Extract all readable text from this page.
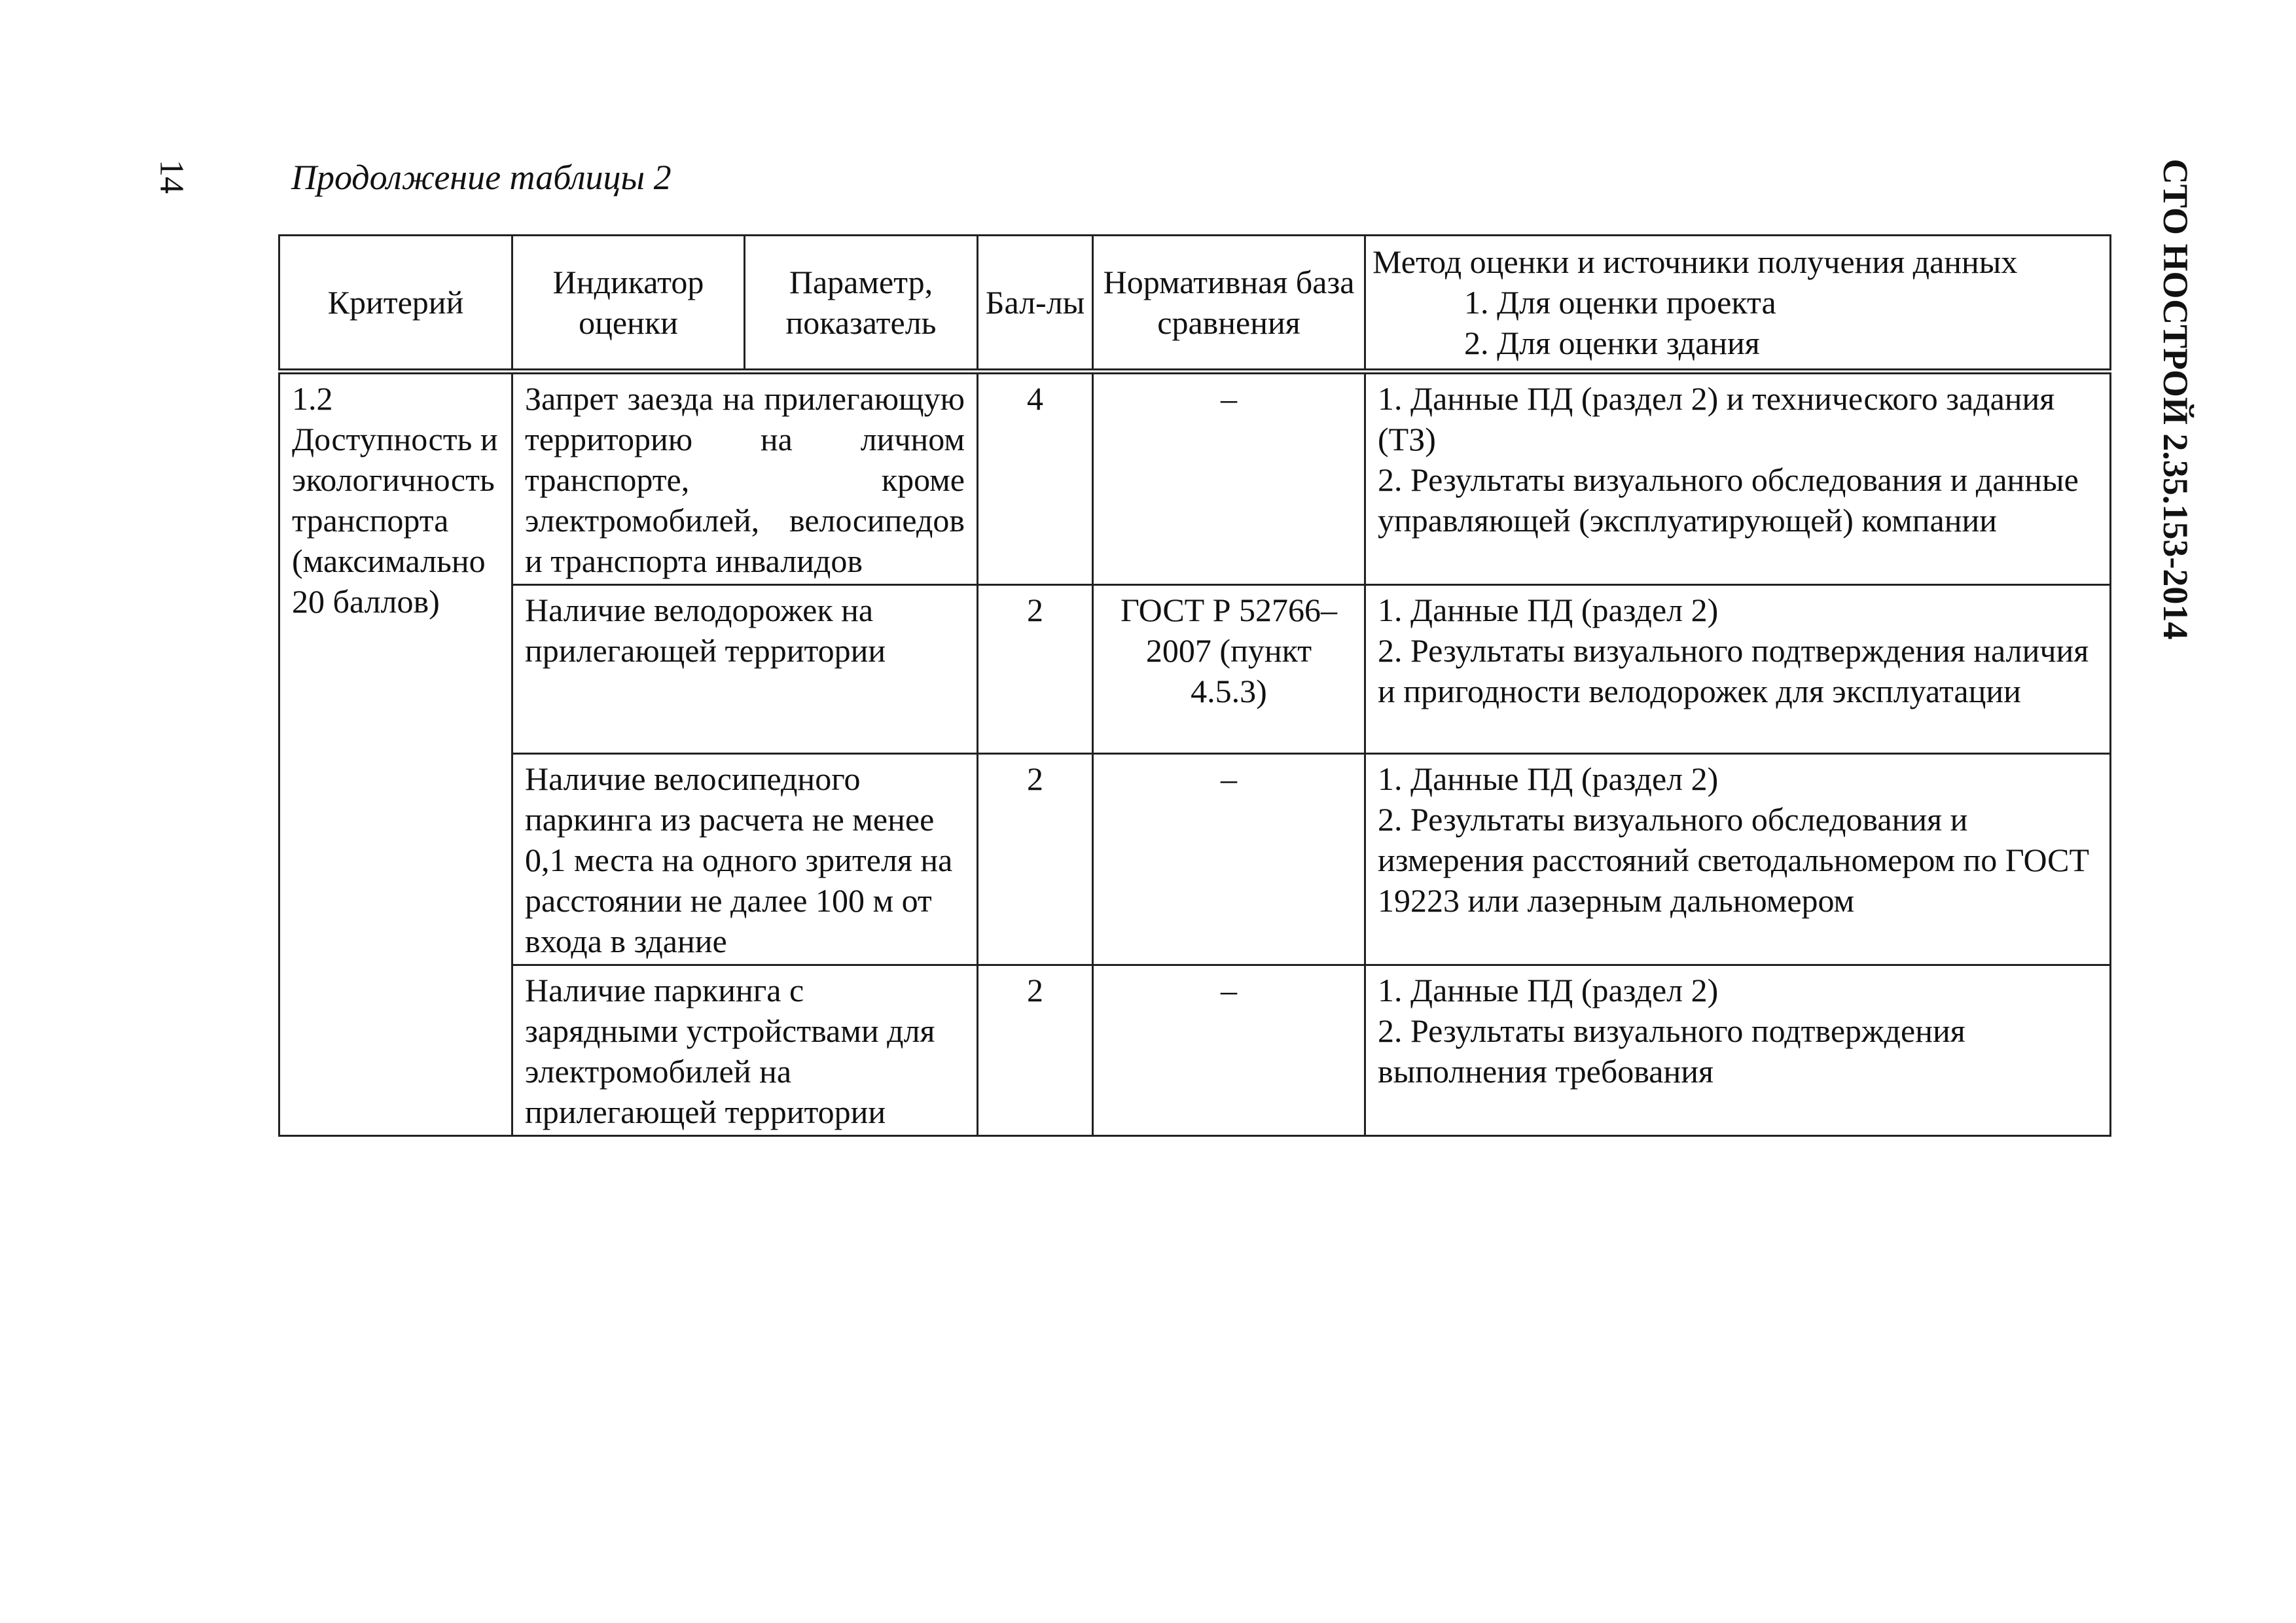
14	СТО НОСТРОЙ 2.35.153-2014
Продолжение таблицы 2
Критерий	Индикатор оценки	Параметр, показатель	Бал-лы	Нормативная база сравнения	Метод оценки и источники получения данных
1. Для оценки проекта
2. Для оценки здания

1.2 Доступность и экологичность транспорта (максимально 20 баллов)	Запрет заезда на прилегающую территорию на личном транспорте, кроме электромобилей, велосипедов и транспорта инвалидов		4	–	1. Данные ПД (раздел 2) и технического задания (ТЗ)
2. Результаты визуального обследования и данные управляющей (эксплуатирующей) компании

	Наличие велодорожек на прилегающей территории		2	ГОСТ Р 52766–2007 (пункт 4.5.3)	1. Данные ПД (раздел 2)
2. Результаты визуального подтверждения наличия и пригодности велодорожек для эксплуатации

	Наличие велосипедного паркинга из расчета не менее 0,1 места на одного зрителя на расстоянии не далее 100 м от входа в здание		2	–	1. Данные ПД (раздел 2)
2. Результаты визуального обследования и измерения расстояний светодальномером по ГОСТ 19223 или лазерным дальномером

	Наличие паркинга с зарядными устройствами для электромобилей на прилегающей территории		2	–	1. Данные ПД (раздел 2)
2. Результаты визуального подтверждения выполнения требования
